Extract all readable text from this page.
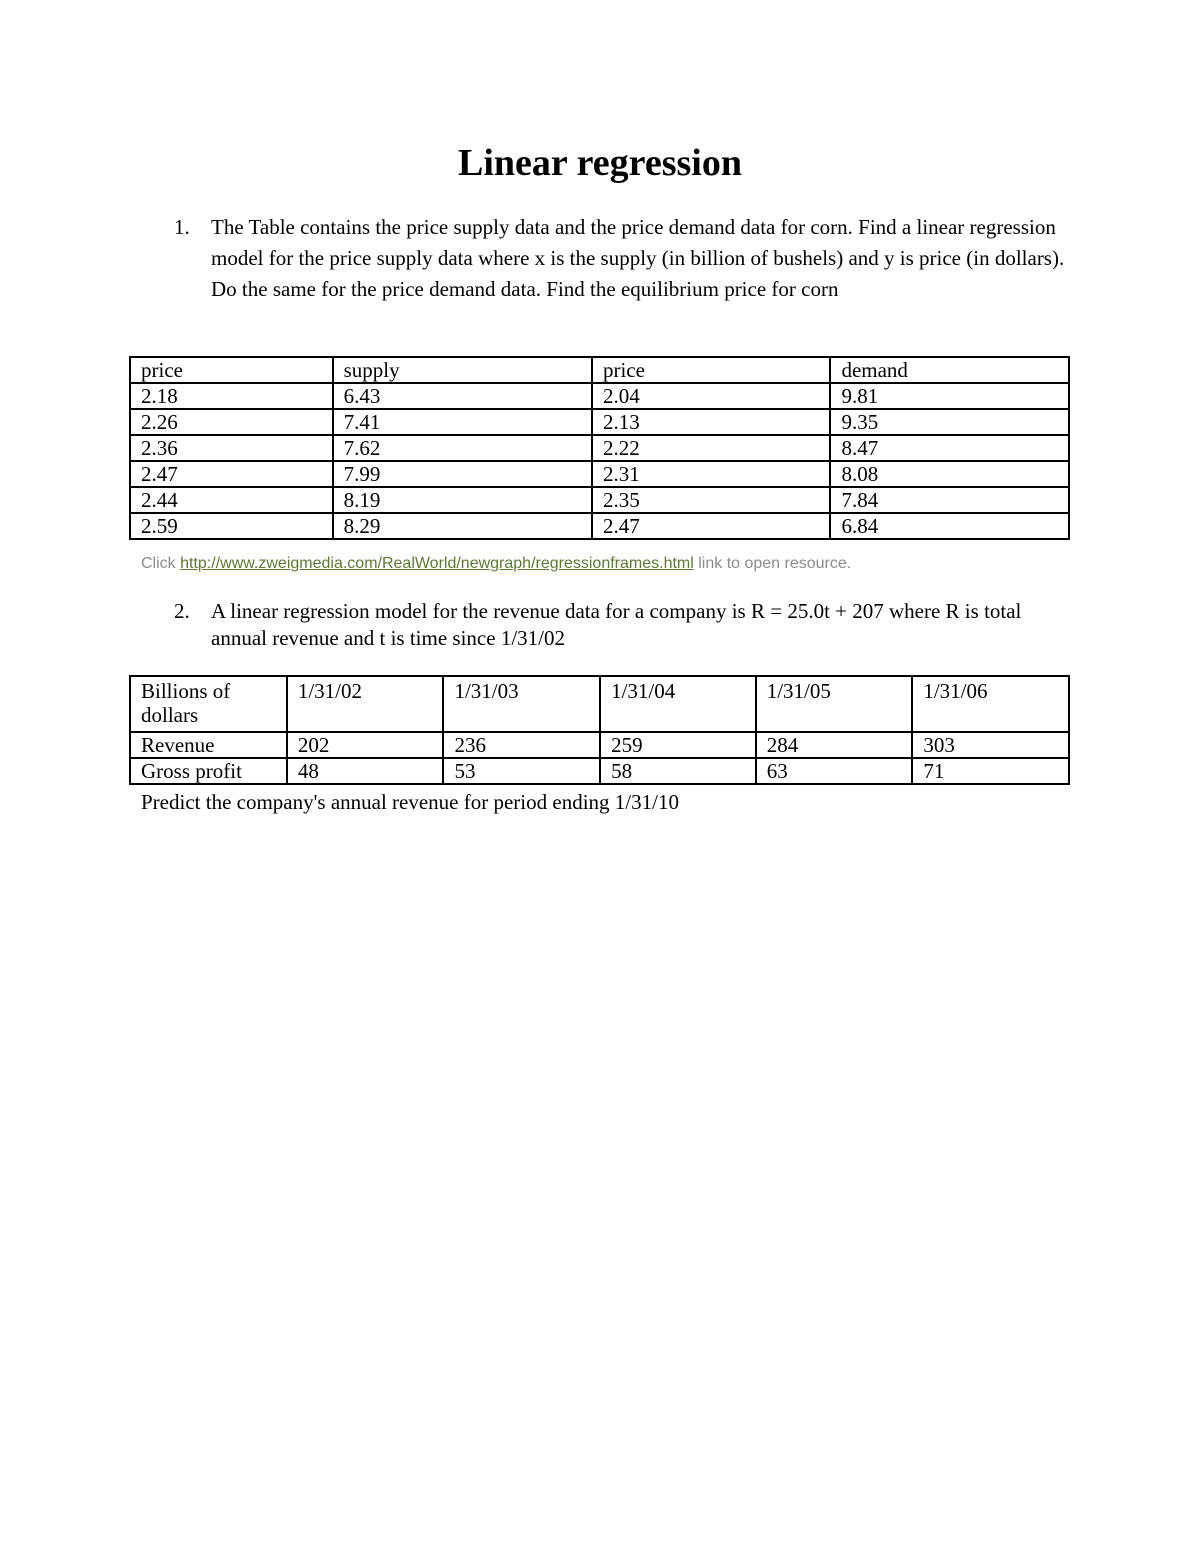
Linear regression
1. The Table contains the price supply data and the price demand data for corn. Find a linear regression model for the price supply data where x is the supply (in billion of bushels) and y is price (in dollars). Do the same for the price demand data. Find the equilibrium price for corn
price	supply	price	demand
2.18	6.43	2.04	9.81
2.26	7.41	2.13	9.35
2.36	7.62	2.22	8.47
2.47	7.99	2.31	8.08
2.44	8.19	2.35	7.84
2.59	8.29	2.47	6.84
Click http://www.zweigmedia.com/RealWorld/newgraph/regressionframes.html link to open resource.
2. A linear regression model for the revenue data for a company is R = 25.0t + 207 where R is total annual revenue and t is time since 1/31/02
Billions of dollars	1/31/02	1/31/03	1/31/04	1/31/05	1/31/06
Revenue	202	236	259	284	303
Gross profit	48	53	58	63	71
Predict the company's annual revenue for period ending 1/31/10
